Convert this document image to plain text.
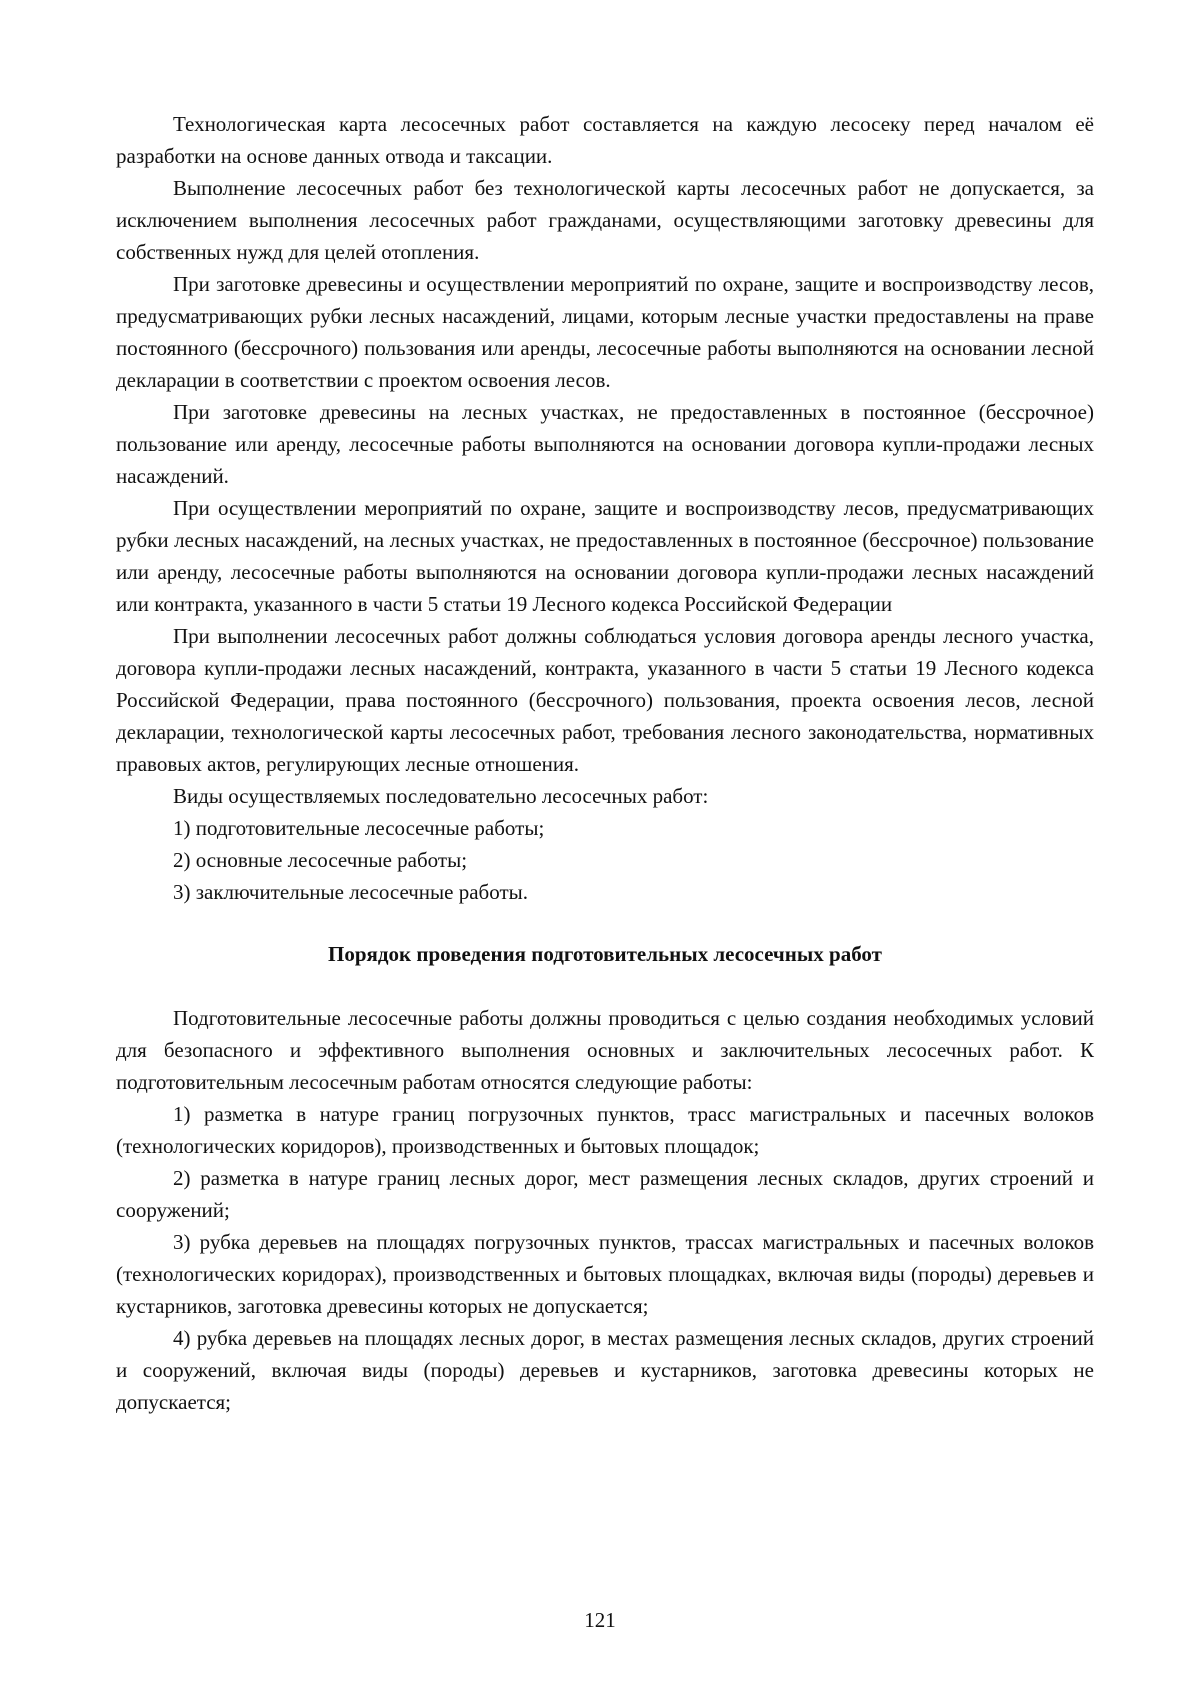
Технологическая карта лесосечных работ составляется на каждую лесосеку перед началом её разработки на основе данных отвода и таксации.

Выполнение лесосечных работ без технологической карты лесосечных работ не допускается, за исключением выполнения лесосечных работ гражданами, осуществляющими заготовку древесины для собственных нужд для целей отопления.

При заготовке древесины и осуществлении мероприятий по охране, защите и воспроизводству лесов, предусматривающих рубки лесных насаждений, лицами, которым лесные участки предоставлены на праве постоянного (бессрочного) пользования или аренды, лесосечные работы выполняются на основании лесной декларации в соответствии с проектом освоения лесов.

При заготовке древесины на лесных участках, не предоставленных в постоянное (бессрочное) пользование или аренду, лесосечные работы выполняются на основании договора купли-продажи лесных насаждений.

При осуществлении мероприятий по охране, защите и воспроизводству лесов, предусматривающих рубки лесных насаждений, на лесных участках, не предоставленных в постоянное (бессрочное) пользование или аренду, лесосечные работы выполняются на основании договора купли-продажи лесных насаждений или контракта, указанного в части 5 статьи 19 Лесного кодекса Российской Федерации

При выполнении лесосечных работ должны соблюдаться условия договора аренды лесного участка, договора купли-продажи лесных насаждений, контракта, указанного в части 5 статьи 19 Лесного кодекса Российской Федерации, права постоянного (бессрочного) пользования, проекта освоения лесов, лесной декларации, технологической карты лесосечных работ, требования лесного законодательства, нормативных правовых актов, регулирующих лесные отношения.

Виды осуществляемых последовательно лесосечных работ:

1) подготовительные лесосечные работы;

2) основные лесосечные работы;

3) заключительные лесосечные работы.

Порядок проведения подготовительных лесосечных работ

Подготовительные лесосечные работы должны проводиться с целью создания необходимых условий для безопасного и эффективного выполнения основных и заключительных лесосечных работ. К подготовительным лесосечным работам относятся следующие работы:

1) разметка в натуре границ погрузочных пунктов, трасс магистральных и пасечных волоков (технологических коридоров), производственных и бытовых площадок;

2) разметка в натуре границ лесных дорог, мест размещения лесных складов, других строений и сооружений;

3) рубка деревьев на площадях погрузочных пунктов, трассах магистральных и пасечных волоков (технологических коридорах), производственных и бытовых площадках, включая виды (породы) деревьев и кустарников, заготовка древесины которых не допускается;

4) рубка деревьев на площадях лесных дорог, в местах размещения лесных складов, других строений и сооружений, включая виды (породы) деревьев и кустарников, заготовка древесины которых не допускается;

121
